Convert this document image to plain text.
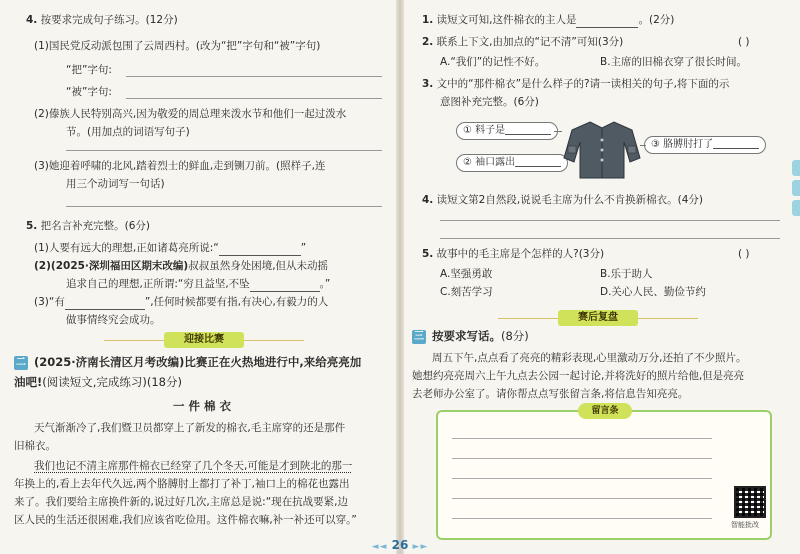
4. 按要求完成句子练习。(12分)
(1)国民党反动派包围了云周西村。(改为“把”字句和“被”字句)
“把”字句:
“被”字句:
(2)傣族人民特别高兴,因为敬爱的周总理来泼水节和他们一起过泼水
节。(用加点的词语写句子)
(3)她迎着呼啸的北风,踏着烈士的鲜血,走到铡刀前。(照样子,连
用三个动词写一句话)
5. 把名言补充完整。(6分)
(1)人要有远大的理想,正如诸葛亮所说:“	”
(2)(2025·深圳福田区期末改编)叔叔虽然身处困境,但从未动摇
追求自己的理想,正所谓:“穷且益坚,不坠	。”
(3)“有	”,任何时候都要有指,有决心,有毅力的人
做事情终究会成功。
迎接比赛
二 (2025·济南长清区月考改编)比赛正在火热地进行中,来给亮亮加
油吧!(阅读短文,完成练习)(18分)
一件棉衣
天气渐渐冷了,我们暨卫员都穿上了新发的棉衣,毛主席穿的还是那件
旧棉衣。
我们也记不清主席那件棉衣已经穿了几个冬天,可能是才到陕北的那一
年换上的,看上去年代久远,两个胳膊肘上都打了补丁,袖口上的棉花也露出
来了。我们要给主席换件新的,说过好几次,主席总是说:“现在抗战要紧,边
区人民的生活还很困难,我们应该省吃俭用。这件棉衣嘛,补一补还可以穿。”
1. 读短文可知,这件棉衣的主人是	。(2分)
2. 联系上下文,由加点的“记不清”可知(3分)	( )
A.“我们”的记性不好。	B.主席的旧棉衣穿了很长时间。
3. 文中的“那件棉衣”是什么样子的?请一读相关的句子,将下面的示
意图补充完整。(6分)
① 料子是
② 袖口露出
③ 胳膊肘打了
4. 读短文第2自然段,说说毛主席为什么不肯换新棉衣。(4分)
5. 故事中的毛主席是个怎样的人?(3分)	( )
A.坚强勇敢	B.乐于助人
C.刻苦学习	D.关心人民、勤俭节约
赛后复盘
三 按要求写话。(8分)
周五下午,点点看了亮亮的精彩表现,心里激动万分,还拍了不少照片。
她想约亮亮周六上午九点去公园一起讨论,并将洗好的照片给他,但是亮亮
去老师办公室了。请你帮点点写张留言条,将信息告知亮亮。
留言条
智能批改
◄◄ 26 ►►
